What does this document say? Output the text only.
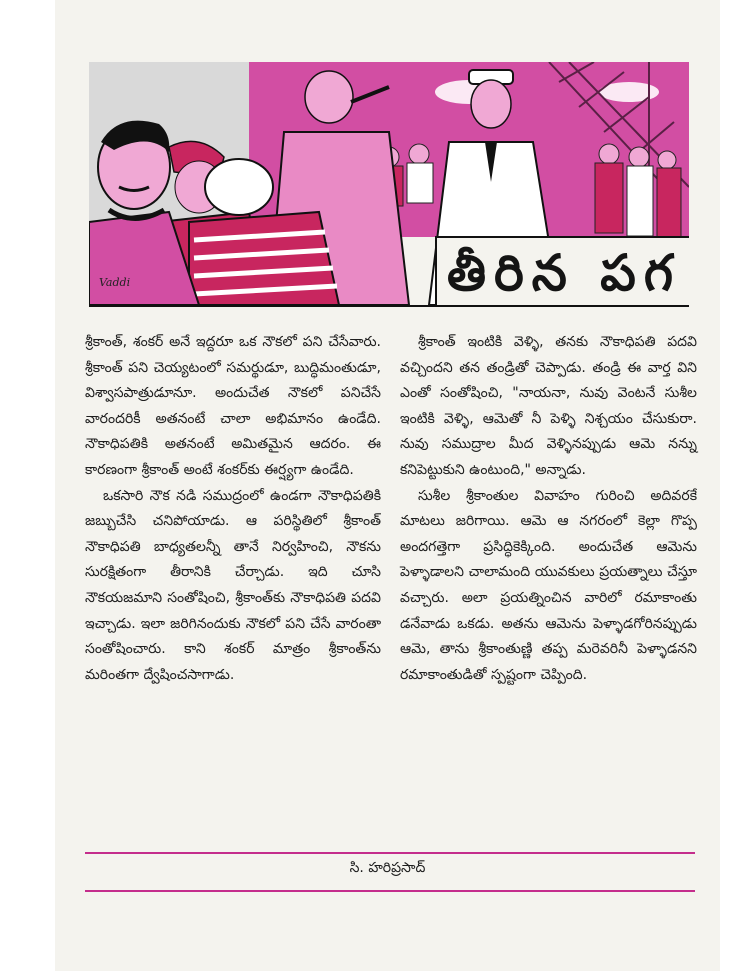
Vaddi	తీరిన పగ

శ్రీకాంత్, శంకర్ అనే ఇద్దరూ ఒక నౌకలో పని చేసేవారు. శ్రీకాంత్ పని చెయ్యటంలో సమర్థుడూ, బుద్ధిమంతుడూ, విశ్వాసపాత్రుడూనూ. అందుచేత నౌకలో పనిచేసే వారందరికీ అతనంటే చాలా అభిమానం ఉండేది. నౌకాధిపతికి అతనంటే అమితమైన ఆదరం. ఈ కారణంగా శ్రీకాంత్ అంటే శంకర్‌కు ఈర్ష్యగా ఉండేది.

ఒకసారి నౌక నడి సముద్రంలో ఉండగా నౌకాధిపతికి జబ్బుచేసి చనిపోయాడు. ఆ పరిస్థితిలో శ్రీకాంత్ నౌకాధిపతి బాధ్యతలన్నీ తానే నిర్వహించి, నౌకను సురక్షితంగా తీరానికి చేర్చాడు. ఇది చూసి నౌకయజమాని సంతోషించి, శ్రీకాంత్‌కు నౌకాధిపతి పదవి ఇచ్చాడు. ఇలా జరిగినందుకు నౌకలో పని చేసే వారంతా సంతోషించారు. కాని శంకర్ మాత్రం శ్రీకాంత్‌ను మరింతగా ద్వేషించసాగాడు.

శ్రీకాంత్ ఇంటికి వెళ్ళి, తనకు నౌకాధిపతి పదవి వచ్చిందని తన తండ్రితో చెప్పాడు. తండ్రి ఈ వార్త విని ఎంతో సంతోషించి, "నాయనా, నువు వెంటనే సుశీల ఇంటికి వెళ్ళి, ఆమెతో నీ పెళ్ళి నిశ్చయం చేసుకురా. నువు సముద్రాల మీద వెళ్ళినప్పుడు ఆమె నన్ను కనిపెట్టుకుని ఉంటుంది," అన్నాడు.

సుశీల శ్రీకాంతుల వివాహం గురించి అదివరకే మాటలు జరిగాయి. ఆమె ఆ నగరంలో కెల్లా గొప్ప అందగత్తెగా ప్రసిద్ధికెక్కింది. అందుచేత ఆమెను పెళ్ళాడాలని చాలామంది యువకులు ప్రయత్నాలు చేస్తూ వచ్చారు. అలా ప్రయత్నించిన వారిలో రమాకాంతు డనేవాడు ఒకడు. అతను ఆమెను పెళ్ళాడగోరినప్పుడు ఆమె, తాను శ్రీకాంతుణ్ణి తప్ప మరెవరినీ పెళ్ళాడనని రమాకాంతుడితో స్పష్టంగా చెప్పింది.

సి. హరిప్రసాద్
